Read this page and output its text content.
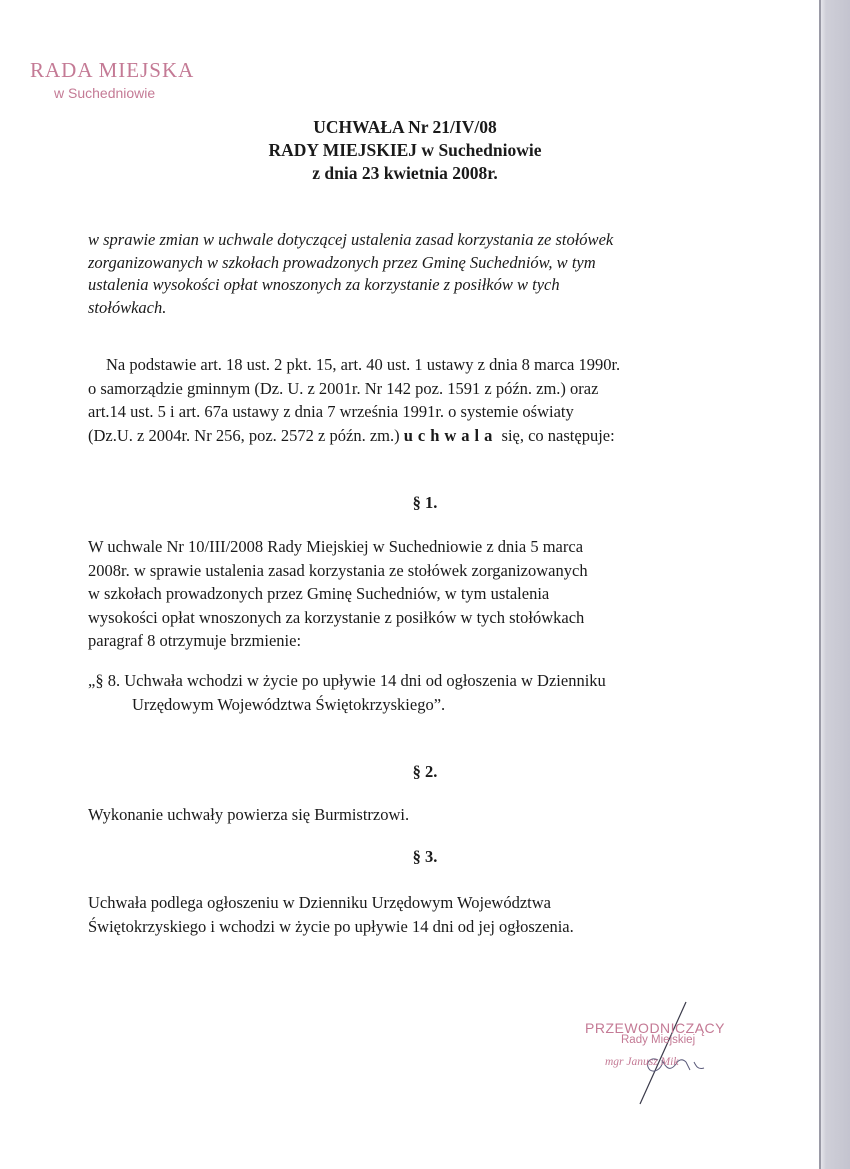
RADA MIEJSKA
w Suchedniowie
UCHWAŁA Nr 21/IV/08
RADY MIEJSKIEJ w Suchedniowie
z dnia 23 kwietnia 2008r.
w sprawie zmian w uchwale dotyczącej ustalenia zasad korzystania ze stołówek
zorganizowanych w szkołach prowadzonych przez Gminę Suchedniów, w tym
ustalenia wysokości opłat wnoszonych za korzystanie z posiłków w tych
stołówkach.
Na podstawie art. 18 ust. 2 pkt. 15, art. 40 ust. 1 ustawy z dnia 8 marca 1990r.
o samorządzie gminnym (Dz. U. z 2001r. Nr 142 poz. 1591 z późn. zm.) oraz
art.14 ust. 5 i art. 67a ustawy z dnia 7 września 1991r. o systemie oświaty
(Dz.U. z 2004r. Nr 256, poz. 2572 z późn. zm.) uchwala się, co następuje:
§ 1.
W uchwale Nr 10/III/2008 Rady Miejskiej w Suchedniowie z dnia 5 marca
2008r. w sprawie ustalenia zasad korzystania ze stołówek zorganizowanych
w szkołach prowadzonych przez Gminę Suchedniów, w tym ustalenia
wysokości opłat wnoszonych za korzystanie z posiłków w tych stołówkach
paragraf 8 otrzymuje brzmienie:
„§ 8. Uchwała wchodzi w życie po upływie 14 dni od ogłoszenia w Dzienniku
Urzędowym Województwa Świętokrzyskiego”.
§ 2.
Wykonanie uchwały powierza się Burmistrzowi.
§ 3.
Uchwała podlega ogłoszeniu w Dzienniku Urzędowym Województwa
Świętokrzyskiego i wchodzi w życie po upływie 14 dni od jej ogłoszenia.
PRZEWODNICZĄCY
Rady Miejskiej
mgr Janusz Mik
